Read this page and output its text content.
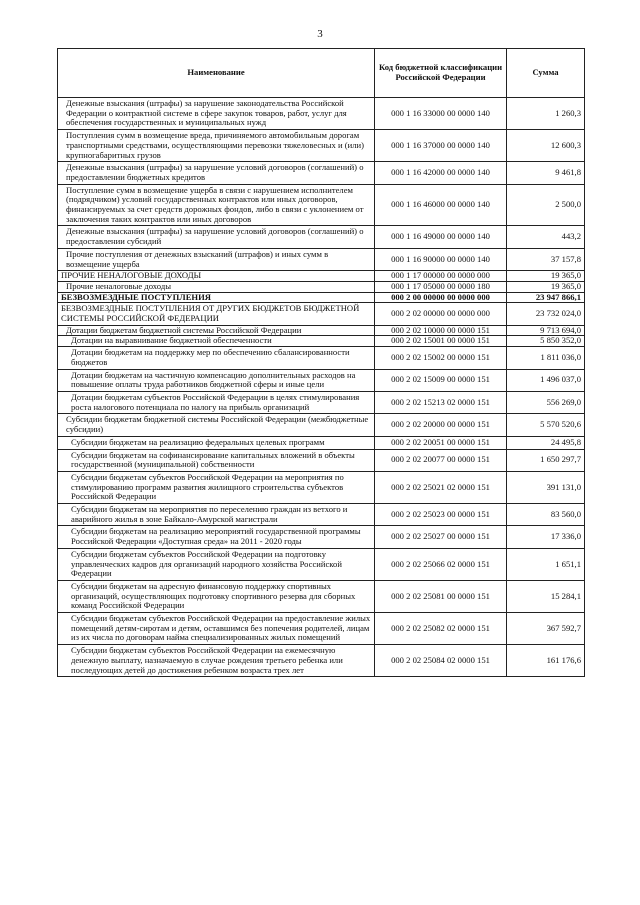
3
Наименование	Код бюджетной классификации Российской Федерации	Сумма
Денежные взыскания (штрафы) за нарушение законодательства Российской Федерации о контрактной системе в сфере закупок товаров, работ, услуг для обеспечения государственных и муниципальных нужд	000 1 16 33000 00 0000 140	1 260,3
Поступления сумм в возмещение вреда, причиняемого автомобильным дорогам транспортными средствами, осуществляющими перевозки тяжеловесных и (или) крупногабаритных грузов	000 1 16 37000 00 0000 140	12 600,3
Денежные взыскания (штрафы) за нарушение условий договоров (соглашений) о предоставлении бюджетных кредитов	000 1 16 42000 00 0000 140	9 461,8
Поступление сумм в возмещение ущерба в связи с нарушением исполнителем (подрядчиком) условий государственных контрактов или иных договоров, финансируемых за счет средств дорожных фондов, либо в связи с уклонением от заключения таких контрактов или иных договоров	000 1 16 46000 00 0000 140	2 500,0
Денежные взыскания (штрафы) за нарушение условий договоров (соглашений) о предоставлении субсидий	000 1 16 49000 00 0000 140	443,2
Прочие поступления от денежных взысканий (штрафов) и иных сумм в возмещение ущерба	000 1 16 90000 00 0000 140	37 157,8
ПРОЧИЕ НЕНАЛОГОВЫЕ ДОХОДЫ	000 1 17 00000 00 0000 000	19 365,0
Прочие неналоговые доходы	000 1 17 05000 00 0000 180	19 365,0
БЕЗВОЗМЕЗДНЫЕ ПОСТУПЛЕНИЯ	000 2 00 00000 00 0000 000	23 947 866,1
БЕЗВОЗМЕЗДНЫЕ ПОСТУПЛЕНИЯ ОТ ДРУГИХ БЮДЖЕТОВ БЮДЖЕТНОЙ СИСТЕМЫ РОССИЙСКОЙ ФЕДЕРАЦИИ	000 2 02 00000 00 0000 000	23 732 024,0
Дотации бюджетам бюджетной системы Российской Федерации	000 2 02 10000 00 0000 151	9 713 694,0
Дотации на выравнивание бюджетной обеспеченности	000 2 02 15001 00 0000 151	5 850 352,0
Дотации бюджетам на поддержку мер по обеспечению сбалансированности бюджетов	000 2 02 15002 00 0000 151	1 811 036,0
Дотации бюджетам на частичную компенсацию дополнительных расходов на повышение оплаты труда работников бюджетной сферы и иные цели	000 2 02 15009 00 0000 151	1 496 037,0
Дотации бюджетам субъектов Российской Федерации в целях стимулирования роста налогового потенциала по налогу на прибыль организаций	000 2 02 15213 02 0000 151	556 269,0
Субсидии бюджетам бюджетной системы Российской Федерации (межбюджетные субсидии)	000 2 02 20000 00 0000 151	5 570 520,6
Субсидии бюджетам на реализацию федеральных целевых программ	000 2 02 20051 00 0000 151	24 495,8
Субсидии бюджетам на софинансирование капитальных вложений в объекты государственной (муниципальной) собственности	000 2 02 20077 00 0000 151	1 650 297,7
Субсидии бюджетам субъектов Российской Федерации на мероприятия по стимулированию программ развития жилищного строительства субъектов Российской Федерации	000 2 02 25021 02 0000 151	391 131,0
Субсидии бюджетам на мероприятия по переселению граждан из ветхого и аварийного жилья в зоне Байкало-Амурской магистрали	000 2 02 25023 00 0000 151	83 560,0
Субсидии бюджетам на реализацию мероприятий государственной программы Российской Федерации «Доступная среда» на 2011 - 2020 годы	000 2 02 25027 00 0000 151	17 336,0
Субсидии бюджетам субъектов Российской Федерации на подготовку управленческих кадров для организаций народного хозяйства Российской Федерации	000 2 02 25066 02 0000 151	1 651,1
Субсидии бюджетам на адресную финансовую поддержку спортивных организаций, осуществляющих подготовку спортивного резерва для сборных команд Российской Федерации	000 2 02 25081 00 0000 151	15 284,1
Субсидии бюджетам субъектов Российской Федерации на предоставление жилых помещений детям-сиротам и детям, оставшимся без попечения родителей, лицам из их числа по договорам найма специализированных жилых помещений	000 2 02 25082 02 0000 151	367 592,7
Субсидии бюджетам субъектов Российской Федерации на ежемесячную денежную выплату, назначаемую в случае рождения третьего ребенка или последующих детей до достижения ребенком возраста трех лет	000 2 02 25084 02 0000 151	161 176,6
